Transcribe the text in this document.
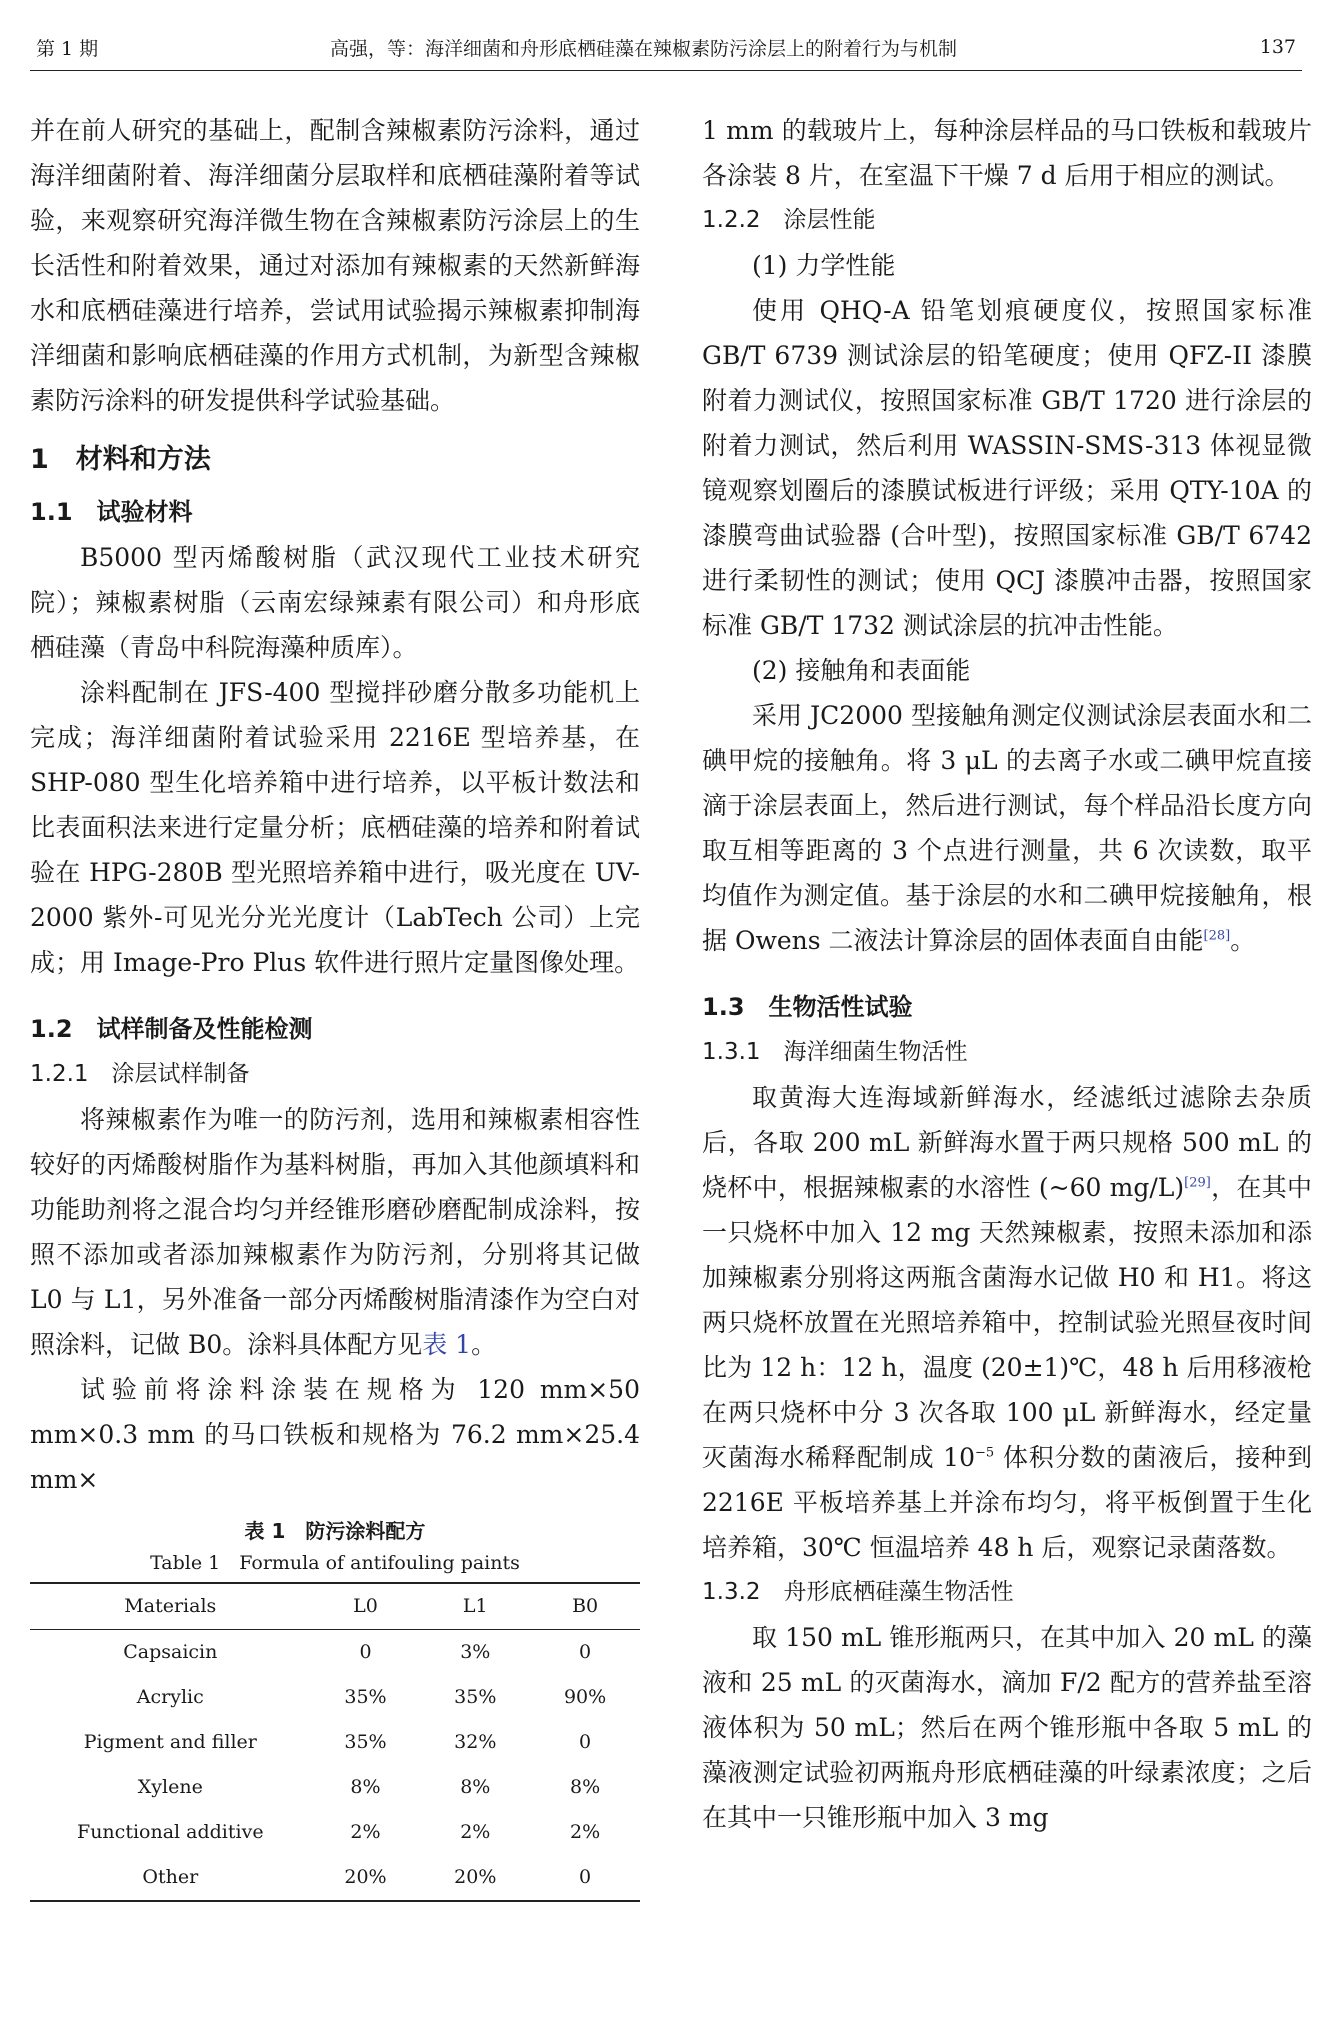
第 1 期	高强，等：海洋细菌和舟形底栖硅藻在辣椒素防污涂层上的附着行为与机制	137

并在前人研究的基础上，配制含辣椒素防污涂料，通过海洋细菌附着、海洋细菌分层取样和底栖硅藻附着等试验，来观察研究海洋微生物在含辣椒素防污涂层上的生长活性和附着效果，通过对添加有辣椒素的天然新鲜海水和底栖硅藻进行培养，尝试用试验揭示辣椒素抑制海洋细菌和影响底栖硅藻的作用方式机制，为新型含辣椒素防污涂料的研发提供科学试验基础。

1　材料和方法
1.1　试验材料

B5000 型丙烯酸树脂（武汉现代工业技术研究院）；辣椒素树脂（云南宏绿辣素有限公司）和舟形底栖硅藻（青岛中科院海藻种质库）。

涂料配制在 JFS-400 型搅拌砂磨分散多功能机上完成；海洋细菌附着试验采用 2216E 型培养基，在 SHP-080 型生化培养箱中进行培养，以平板计数法和比表面积法来进行定量分析；底栖硅藻的培养和附着试验在 HPG-280B 型光照培养箱中进行，吸光度在 UV-2000 紫外-可见光分光光度计（LabTech 公司）上完成；用 Image-Pro Plus 软件进行照片定量图像处理。

1.2　试样制备及性能检测
1.2.1　涂层试样制备

将辣椒素作为唯一的防污剂，选用和辣椒素相容性较好的丙烯酸树脂作为基料树脂，再加入其他颜填料和功能助剂将之混合均匀并经锥形磨砂磨配制成涂料，按照不添加或者添加辣椒素作为防污剂，分别将其记做 L0 与 L1，另外准备一部分丙烯酸树脂清漆作为空白对照涂料，记做 B0。涂料具体配方见表 1。

试验前将涂料涂装在规格为 120 mm×50 mm×0.3 mm 的马口铁板和规格为 76.2 mm×25.4 mm×

表 1　防污涂料配方
Table 1　Formula of antifouling paints
Materials	L0	L1	B0
Capsaicin	0	3%	0
Acrylic	35%	35%	90%
Pigment and filler	35%	32%	0
Xylene	8%	8%	8%
Functional additive	2%	2%	2%
Other	20%	20%	0

1 mm 的载玻片上，每种涂层样品的马口铁板和载玻片各涂装 8 片，在室温下干燥 7 d 后用于相应的测试。

1.2.2　涂层性能
(1) 力学性能

使用 QHQ-A 铅笔划痕硬度仪，按照国家标准 GB/T 6739 测试涂层的铅笔硬度；使用 QFZ-II 漆膜附着力测试仪，按照国家标准 GB/T 1720 进行涂层的附着力测试，然后利用 WASSIN-SMS-313 体视显微镜观察划圈后的漆膜试板进行评级；采用 QTY-10A 的漆膜弯曲试验器 (合叶型)，按照国家标准 GB/T 6742 进行柔韧性的测试；使用 QCJ 漆膜冲击器，按照国家标准 GB/T 1732 测试涂层的抗冲击性能。

(2) 接触角和表面能

采用 JC2000 型接触角测定仪测试涂层表面水和二碘甲烷的接触角。将 3 μL 的去离子水或二碘甲烷直接滴于涂层表面上，然后进行测试，每个样品沿长度方向取互相等距离的 3 个点进行测量，共 6 次读数，取平均值作为测定值。基于涂层的水和二碘甲烷接触角，根据 Owens 二液法计算涂层的固体表面自由能[28]。

1.3　生物活性试验
1.3.1　海洋细菌生物活性

取黄海大连海域新鲜海水，经滤纸过滤除去杂质后，各取 200 mL 新鲜海水置于两只规格 500 mL 的烧杯中，根据辣椒素的水溶性 (~60 mg/L)[29]，在其中一只烧杯中加入 12 mg 天然辣椒素，按照未添加和添加辣椒素分别将这两瓶含菌海水记做 H0 和 H1。将这两只烧杯放置在光照培养箱中，控制试验光照昼夜时间比为 12 h：12 h，温度 (20±1)℃，48 h 后用移液枪在两只烧杯中分 3 次各取 100 μL 新鲜海水，经定量灭菌海水稀释配制成 $10^{-5}$ 体积分数的菌液后，接种到 2216E 平板培养基上并涂布均匀，将平板倒置于生化培养箱，30℃ 恒温培养 48 h 后，观察记录菌落数。

1.3.2　舟形底栖硅藻生物活性

取 150 mL 锥形瓶两只，在其中加入 20 mL 的藻液和 25 mL 的灭菌海水，滴加 F/2 配方的营养盐至溶液体积为 50 mL；然后在两个锥形瓶中各取 5 mL 的藻液测定试验初两瓶舟形底栖硅藻的叶绿素浓度；之后在其中一只锥形瓶中加入 3 mg
